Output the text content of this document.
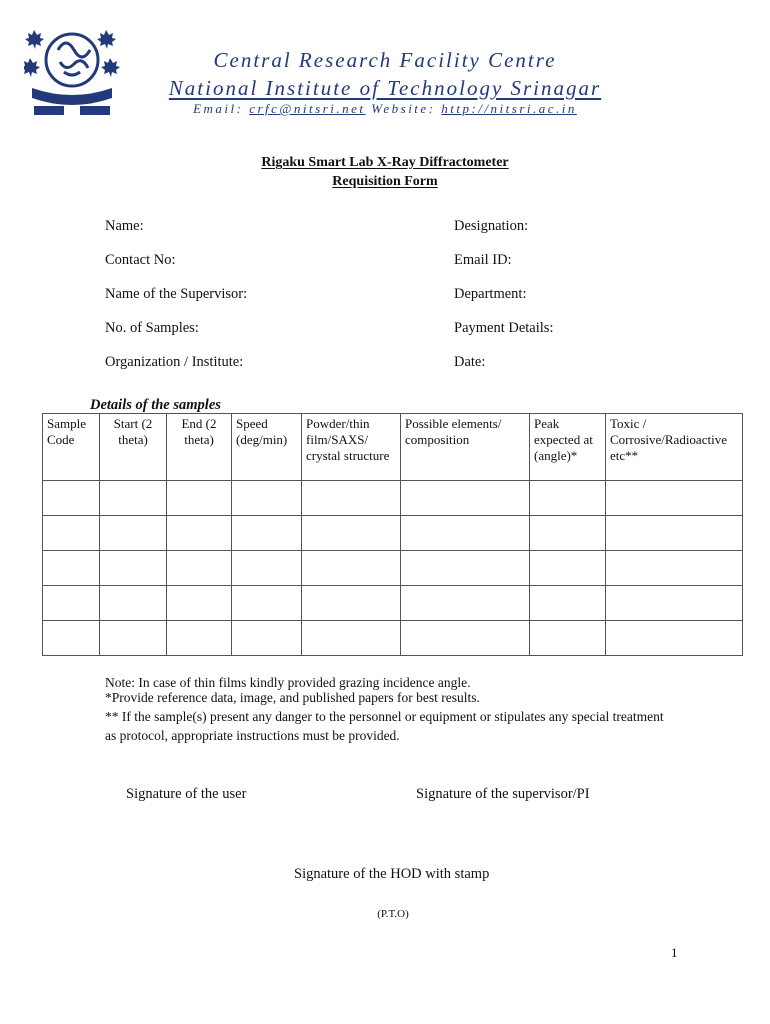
Central Research Facility Centre
National Institute of Technology Srinagar
Email: crfc@nitsri.net Website: http://nitsri.ac.in
Rigaku Smart Lab X-Ray Diffractometer
Requisition Form
Name:	Designation:
Contact No:	Email ID:
Name of the Supervisor:	Department:
No. of Samples:	Payment Details:
Organization / Institute:	Date:
Details of the samples
Sample Code	Start (2 theta)	End (2 theta)	Speed (deg/min)	Powder/thin film/SAXS/ crystal structure	Possible elements/ composition	Peak expected at (angle)*	Toxic / Corrosive/Radioactive etc**

Note: In case of thin films kindly provided grazing incidence angle.
*Provide reference data, image, and published papers for best results.
** If the sample(s) present any danger to the personnel or equipment or stipulates any special treatment
as protocol, appropriate instructions must be provided.
Signature of the user	Signature of the supervisor/PI
Signature of the HOD with stamp
(P.T.O)
1
